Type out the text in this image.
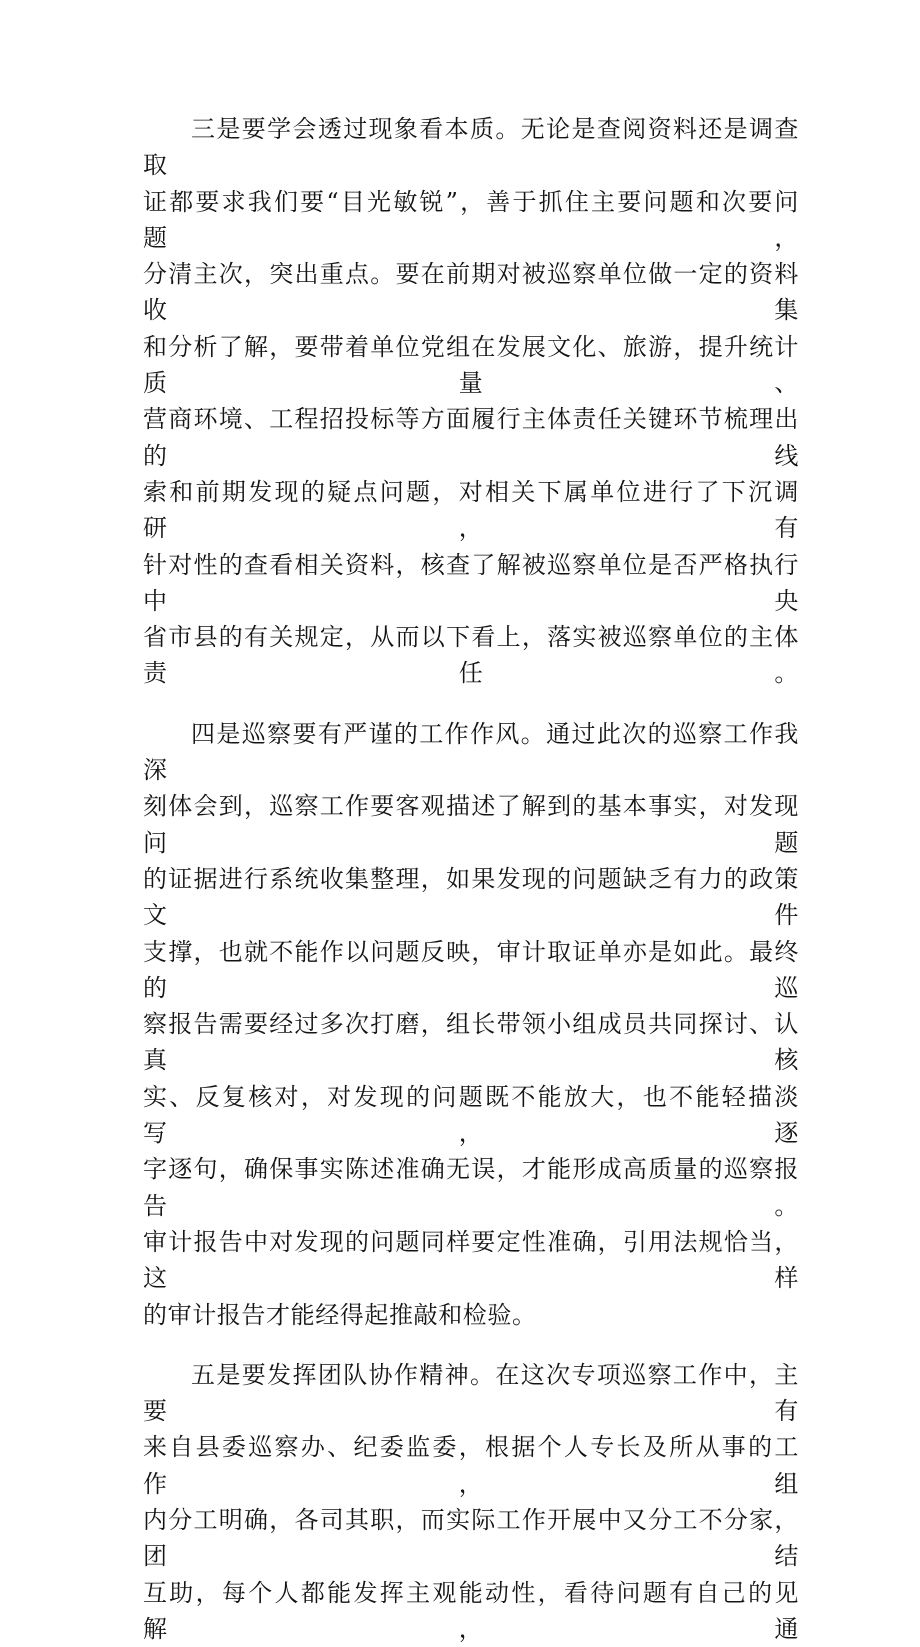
三是要学会透过现象看本质。无论是查阅资料还是调查取
证都要求我们要“目光敏锐”，善于抓住主要问题和次要问题，
分清主次，突出重点。要在前期对被巡察单位做一定的资料收集
和分析了解，要带着单位党组在发展文化、旅游，提升统计质量、
营商环境、工程招投标等方面履行主体责任关键环节梳理出的线
索和前期发现的疑点问题，对相关下属单位进行了下沉调研，有
针对性的查看相关资料，核查了解被巡察单位是否严格执行中央
省市县的有关规定，从而以下看上，落实被巡察单位的主体责任。
四是巡察要有严谨的工作作风。通过此次的巡察工作我深
刻体会到，巡察工作要客观描述了解到的基本事实，对发现问题
的证据进行系统收集整理，如果发现的问题缺乏有力的政策文件
支撑，也就不能作以问题反映，审计取证单亦是如此。最终的巡
察报告需要经过多次打磨，组长带领小组成员共同探讨、认真核
实、反复核对，对发现的问题既不能放大，也不能轻描淡写，逐
字逐句，确保事实陈述准确无误，才能形成高质量的巡察报告。
审计报告中对发现的问题同样要定性准确，引用法规恰当，这样
的审计报告才能经得起推敲和检验。
五是要发挥团队协作精神。在这次专项巡察工作中，主要有
来自县委巡察办、纪委监委，根据个人专长及所从事的工作，组
内分工明确，各司其职，而实际工作开展中又分工不分家，团结
互助，每个人都能发挥主观能动性，看待问题有自己的见解，通
